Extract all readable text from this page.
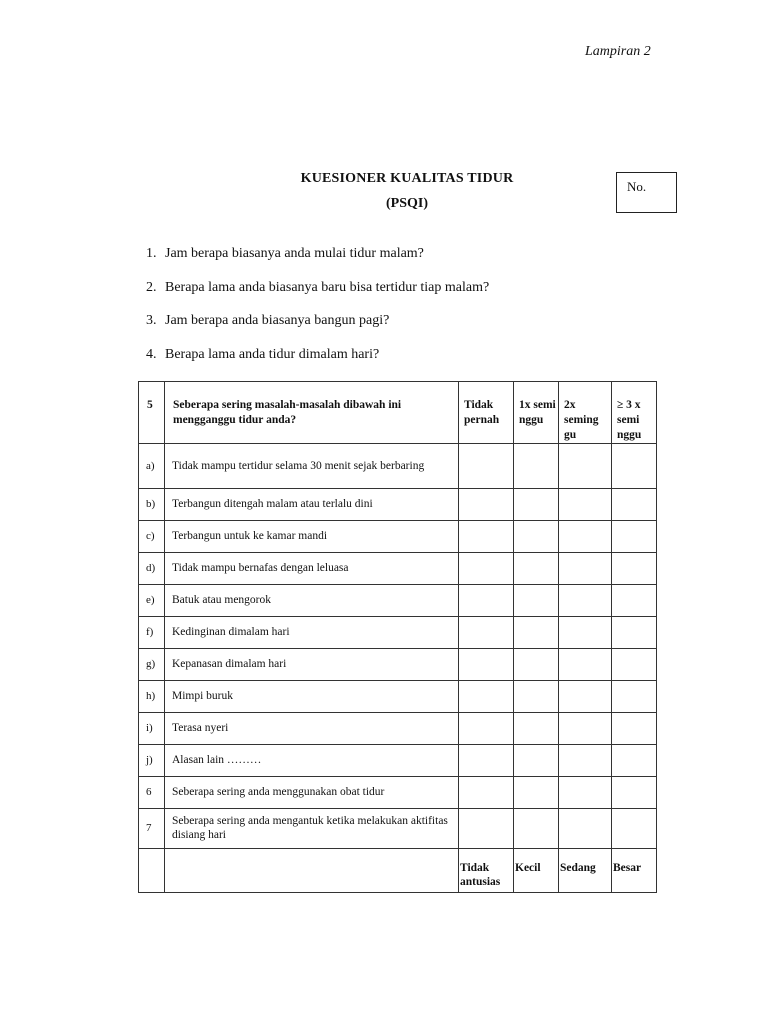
Lampiran 2
KUESIONER KUALITAS TIDUR
(PSQI)
No.
1. Jam berapa biasanya anda mulai tidur malam?
2. Berapa lama anda biasanya baru bisa tertidur tiap malam?
3. Jam berapa anda biasanya bangun pagi?
4. Berapa lama anda tidur dimalam hari?
5	Seberapa sering masalah-masalah dibawah ini mengganggu tidur anda?	Tidak pernah	1x semi nggu	2x seming gu	≥ 3 x semi nggu
a)	Tidak mampu tertidur selama 30 menit sejak berbaring				
b)	Terbangun ditengah malam atau terlalu dini				
c)	Terbangun untuk ke kamar mandi				
d)	Tidak mampu bernafas dengan leluasa				
e)	Batuk atau mengorok				
f)	Kedinginan dimalam hari				
g)	Kepanasan dimalam hari				
h)	Mimpi buruk				
i)	Terasa nyeri				
j)	Alasan lain ………				
6	Seberapa sering anda menggunakan obat tidur				
7	Seberapa sering anda mengantuk ketika melakukan aktifitas disiang hari				
		Tidak antusias	Kecil	Sedang	Besar
